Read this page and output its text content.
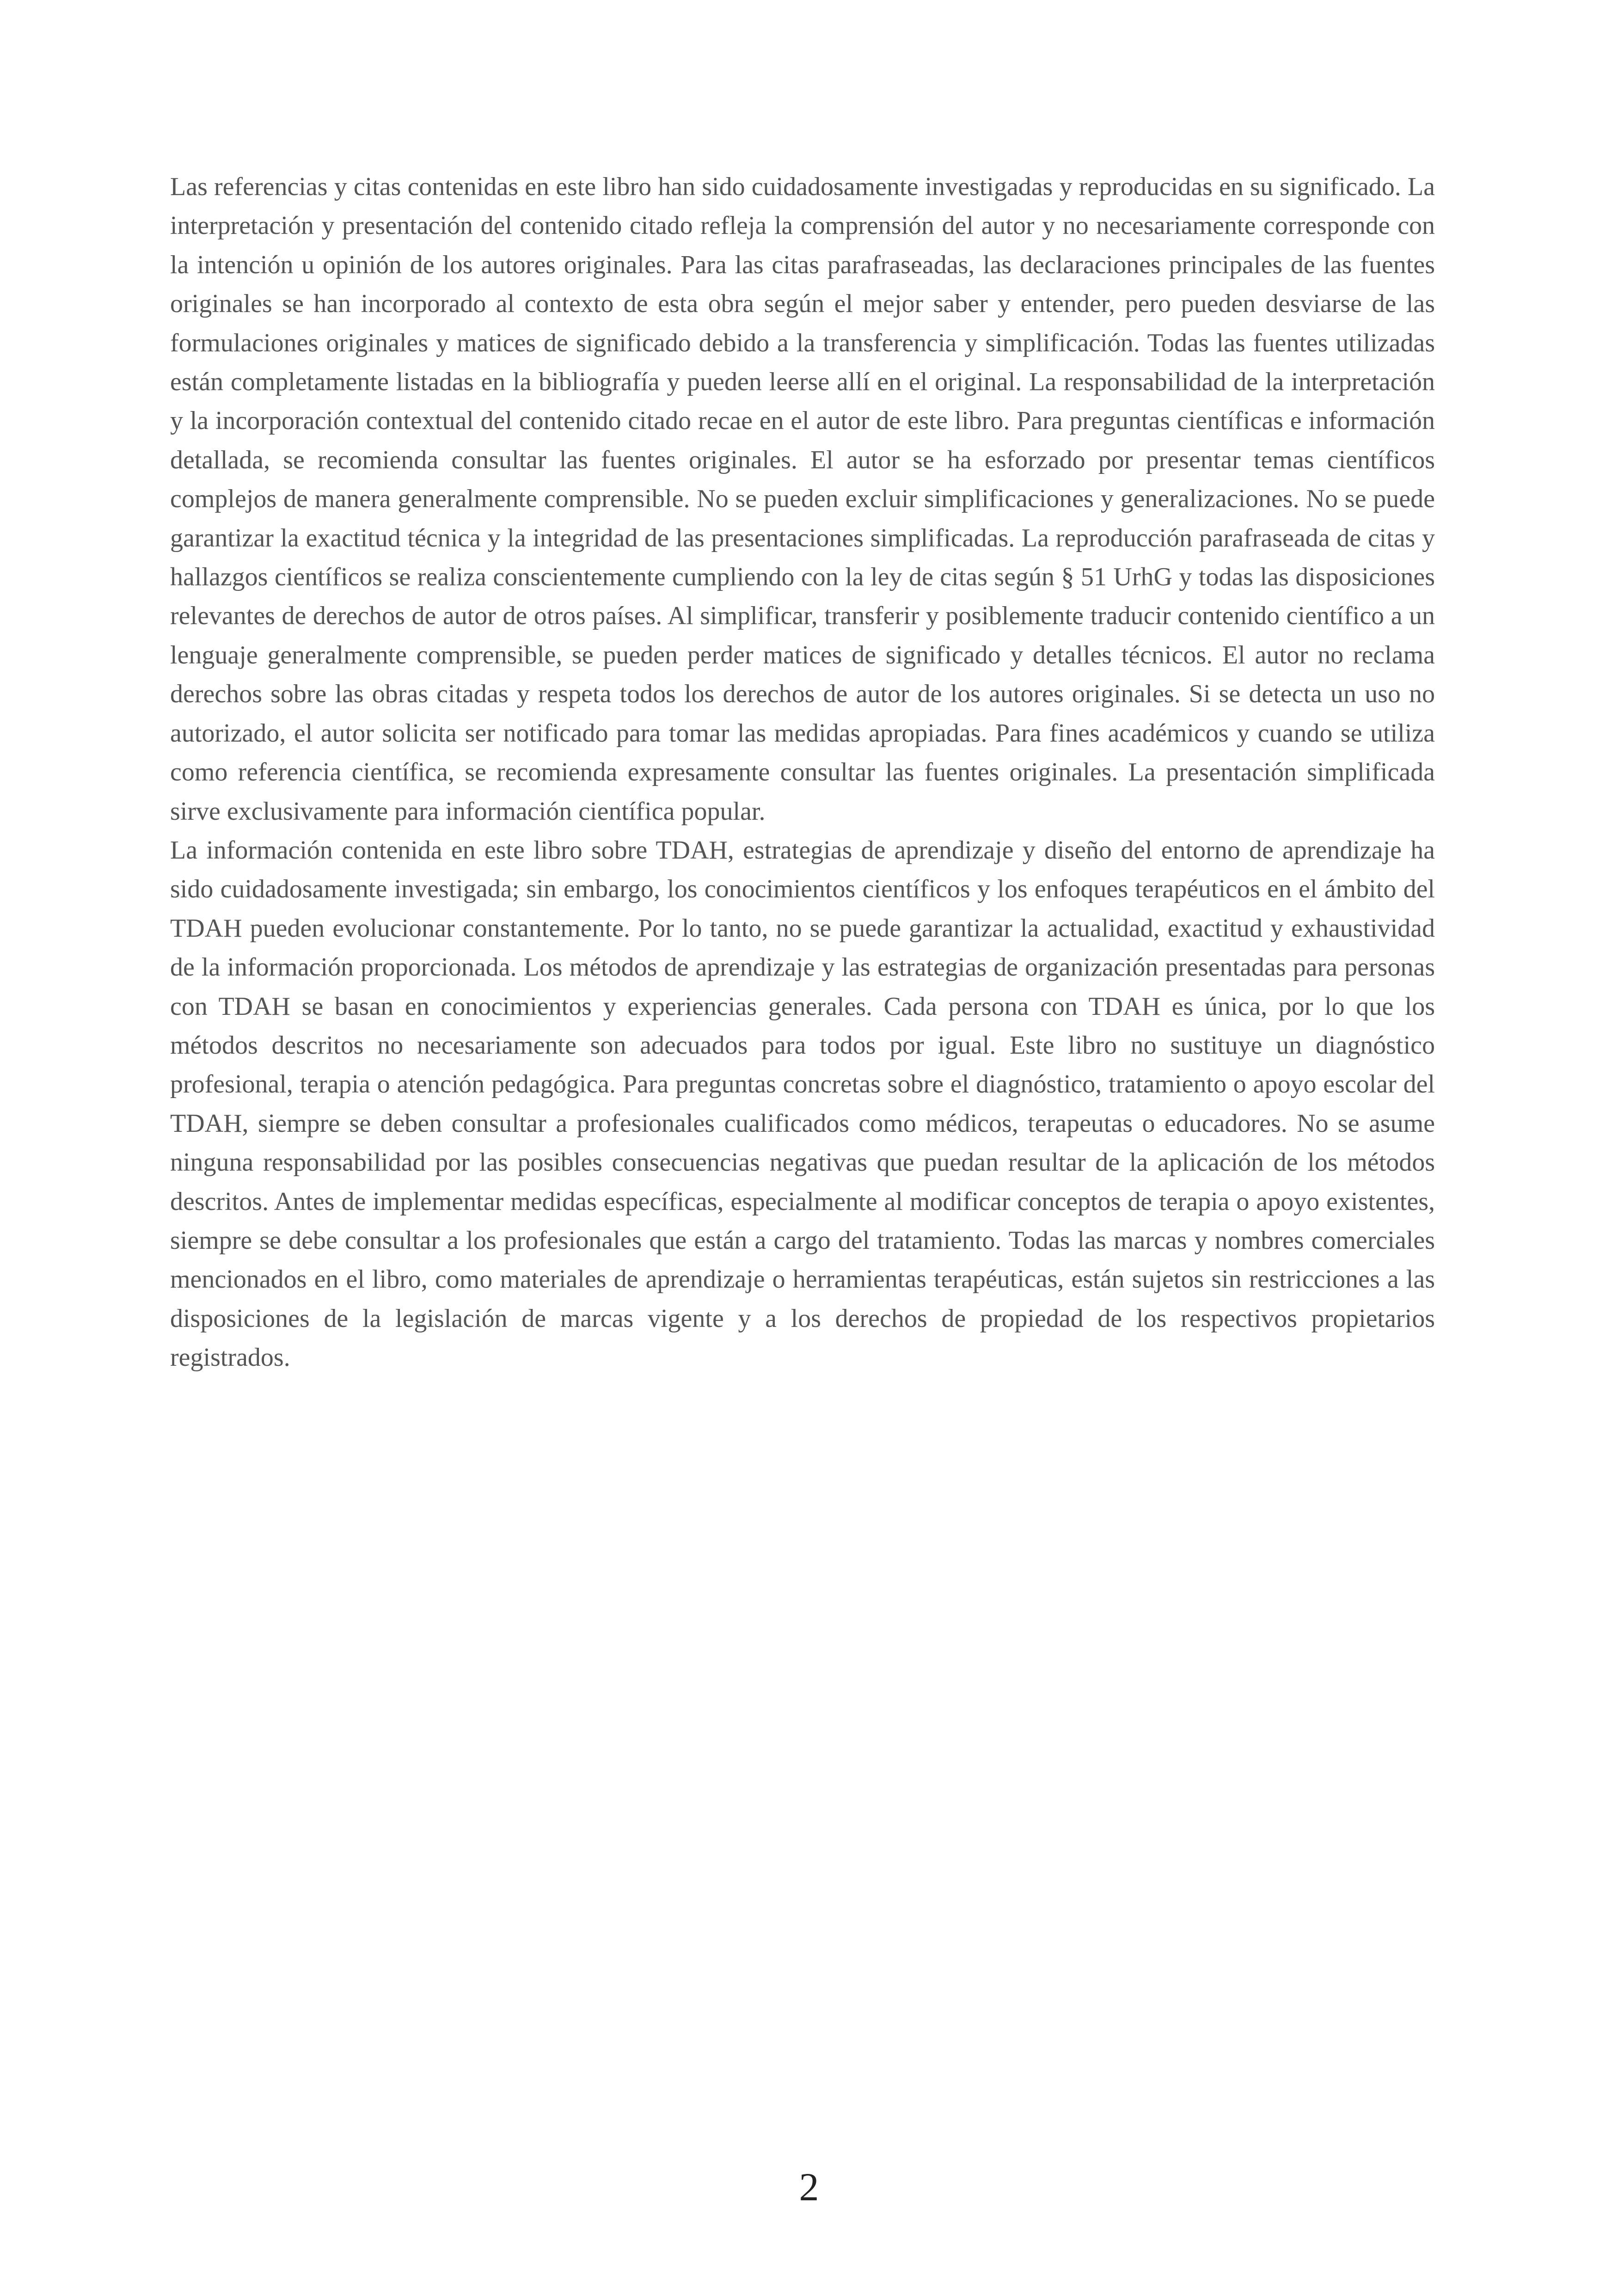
Las referencias y citas contenidas en este libro han sido cuidadosamente investigadas y reproducidas en su significado. La interpretación y presentación del contenido citado refleja la comprensión del autor y no necesariamente corresponde con la intención u opinión de los autores originales. Para las citas parafraseadas, las declaraciones principales de las fuentes originales se han incorporado al contexto de esta obra según el mejor saber y entender, pero pueden desviarse de las formulaciones originales y matices de significado debido a la transferencia y simplificación. Todas las fuentes utilizadas están completamente listadas en la bibliografía y pueden leerse allí en el original. La responsabilidad de la interpretación y la incorporación contextual del contenido citado recae en el autor de este libro. Para preguntas científicas e información detallada, se recomienda consultar las fuentes originales. El autor se ha esforzado por presentar temas científicos complejos de manera generalmente comprensible. No se pueden excluir simplificaciones y generalizaciones. No se puede garantizar la exactitud técnica y la integridad de las presentaciones simplificadas. La reproducción parafraseada de citas y hallazgos científicos se realiza conscientemente cumpliendo con la ley de citas según § 51 UrhG y todas las disposiciones relevantes de derechos de autor de otros países. Al simplificar, transferir y posiblemente traducir contenido científico a un lenguaje generalmente comprensible, se pueden perder matices de significado y detalles técnicos. El autor no reclama derechos sobre las obras citadas y respeta todos los derechos de autor de los autores originales. Si se detecta un uso no autorizado, el autor solicita ser notificado para tomar las medidas apropiadas. Para fines académicos y cuando se utiliza como referencia científica, se recomienda expresamente consultar las fuentes originales. La presentación simplificada sirve exclusivamente para información científica popular.

La información contenida en este libro sobre TDAH, estrategias de aprendizaje y diseño del entorno de aprendizaje ha sido cuidadosamente investigada; sin embargo, los conocimientos científicos y los enfoques terapéuticos en el ámbito del TDAH pueden evolucionar constantemente. Por lo tanto, no se puede garantizar la actualidad, exactitud y exhaustividad de la información proporcionada. Los métodos de aprendizaje y las estrategias de organización presentadas para personas con TDAH se basan en conocimientos y experiencias generales. Cada persona con TDAH es única, por lo que los métodos descritos no necesariamente son adecuados para todos por igual. Este libro no sustituye un diagnóstico profesional, terapia o atención pedagógica. Para preguntas concretas sobre el diagnóstico, tratamiento o apoyo escolar del TDAH, siempre se deben consultar a profesionales cualificados como médicos, terapeutas o educadores. No se asume ninguna responsabilidad por las posibles consecuencias negativas que puedan resultar de la aplicación de los métodos descritos. Antes de implementar medidas específicas, especialmente al modificar conceptos de terapia o apoyo existentes, siempre se debe consultar a los profesionales que están a cargo del tratamiento. Todas las marcas y nombres comerciales mencionados en el libro, como materiales de aprendizaje o herramientas terapéuticas, están sujetos sin restricciones a las disposiciones de la legislación de marcas vigente y a los derechos de propiedad de los respectivos propietarios registrados.

2
